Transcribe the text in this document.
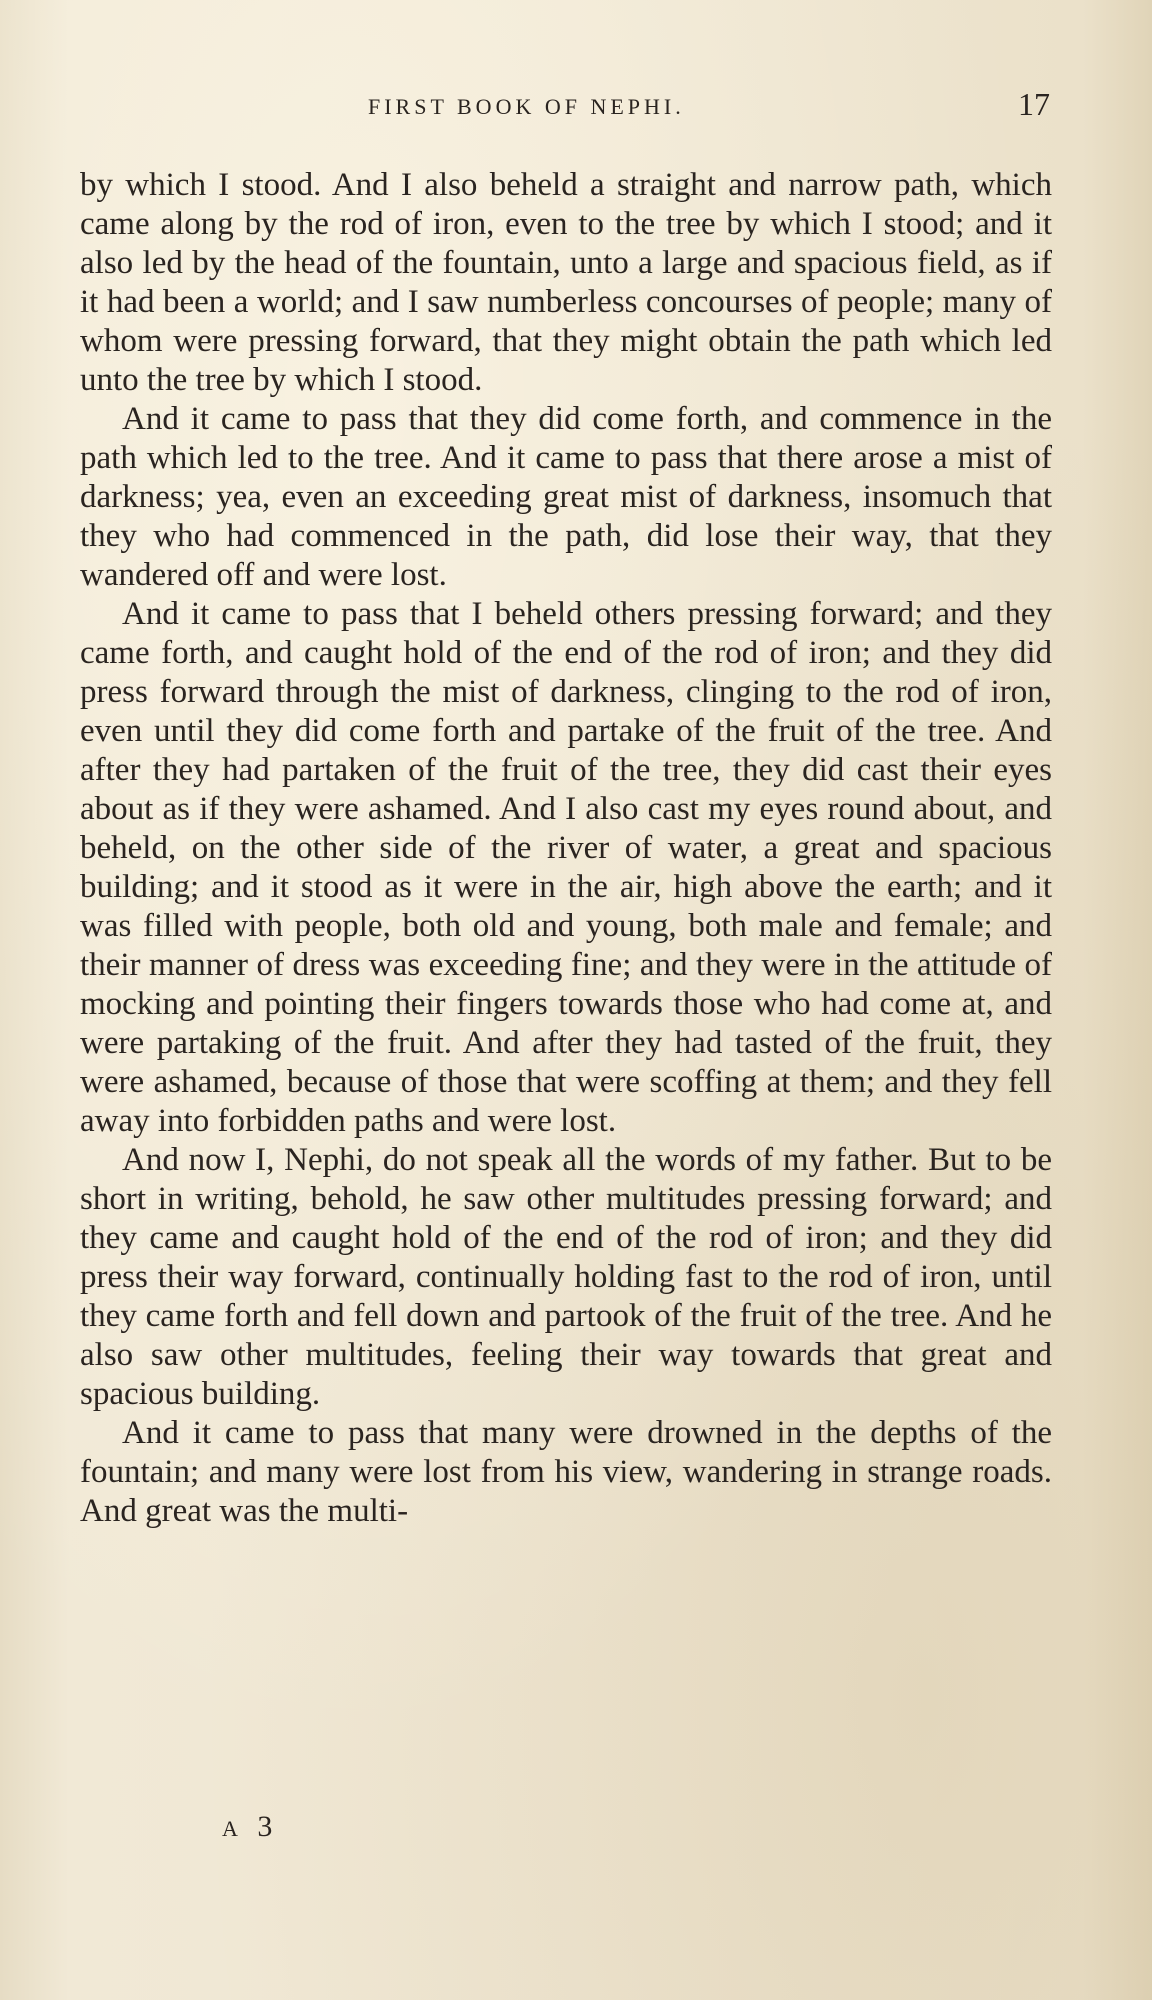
FIRST BOOK OF NEPHI.	17

by which I stood. And I also beheld a straight and narrow path, which came along by the rod of iron, even to the tree by which I stood; and it also led by the head of the fountain, unto a large and spacious field, as if it had been a world; and I saw numberless concourses of people; many of whom were pressing forward, that they might obtain the path which led unto the tree by which I stood.

And it came to pass that they did come forth, and commence in the path which led to the tree. And it came to pass that there arose a mist of darkness; yea, even an exceeding great mist of darkness, insomuch that they who had commenced in the path, did lose their way, that they wandered off and were lost.

And it came to pass that I beheld others pressing forward; and they came forth, and caught hold of the end of the rod of iron; and they did press forward through the mist of darkness, clinging to the rod of iron, even until they did come forth and partake of the fruit of the tree. And after they had partaken of the fruit of the tree, they did cast their eyes about as if they were ashamed. And I also cast my eyes round about, and beheld, on the other side of the river of water, a great and spacious building; and it stood as it were in the air, high above the earth; and it was filled with people, both old and young, both male and female; and their manner of dress was exceeding fine; and they were in the attitude of mocking and pointing their fingers towards those who had come at, and were partaking of the fruit. And after they had tasted of the fruit, they were ashamed, because of those that were scoffing at them; and they fell away into forbidden paths and were lost.

And now I, Nephi, do not speak all the words of my father. But to be short in writing, behold, he saw other multitudes pressing forward; and they came and caught hold of the end of the rod of iron; and they did press their way forward, continually holding fast to the rod of iron, until they came forth and fell down and partook of the fruit of the tree. And he also saw other multitudes, feeling their way towards that great and spacious building.

And it came to pass that many were drowned in the depths of the fountain; and many were lost from his view, wandering in strange roads. And great was the multi-

A 3
